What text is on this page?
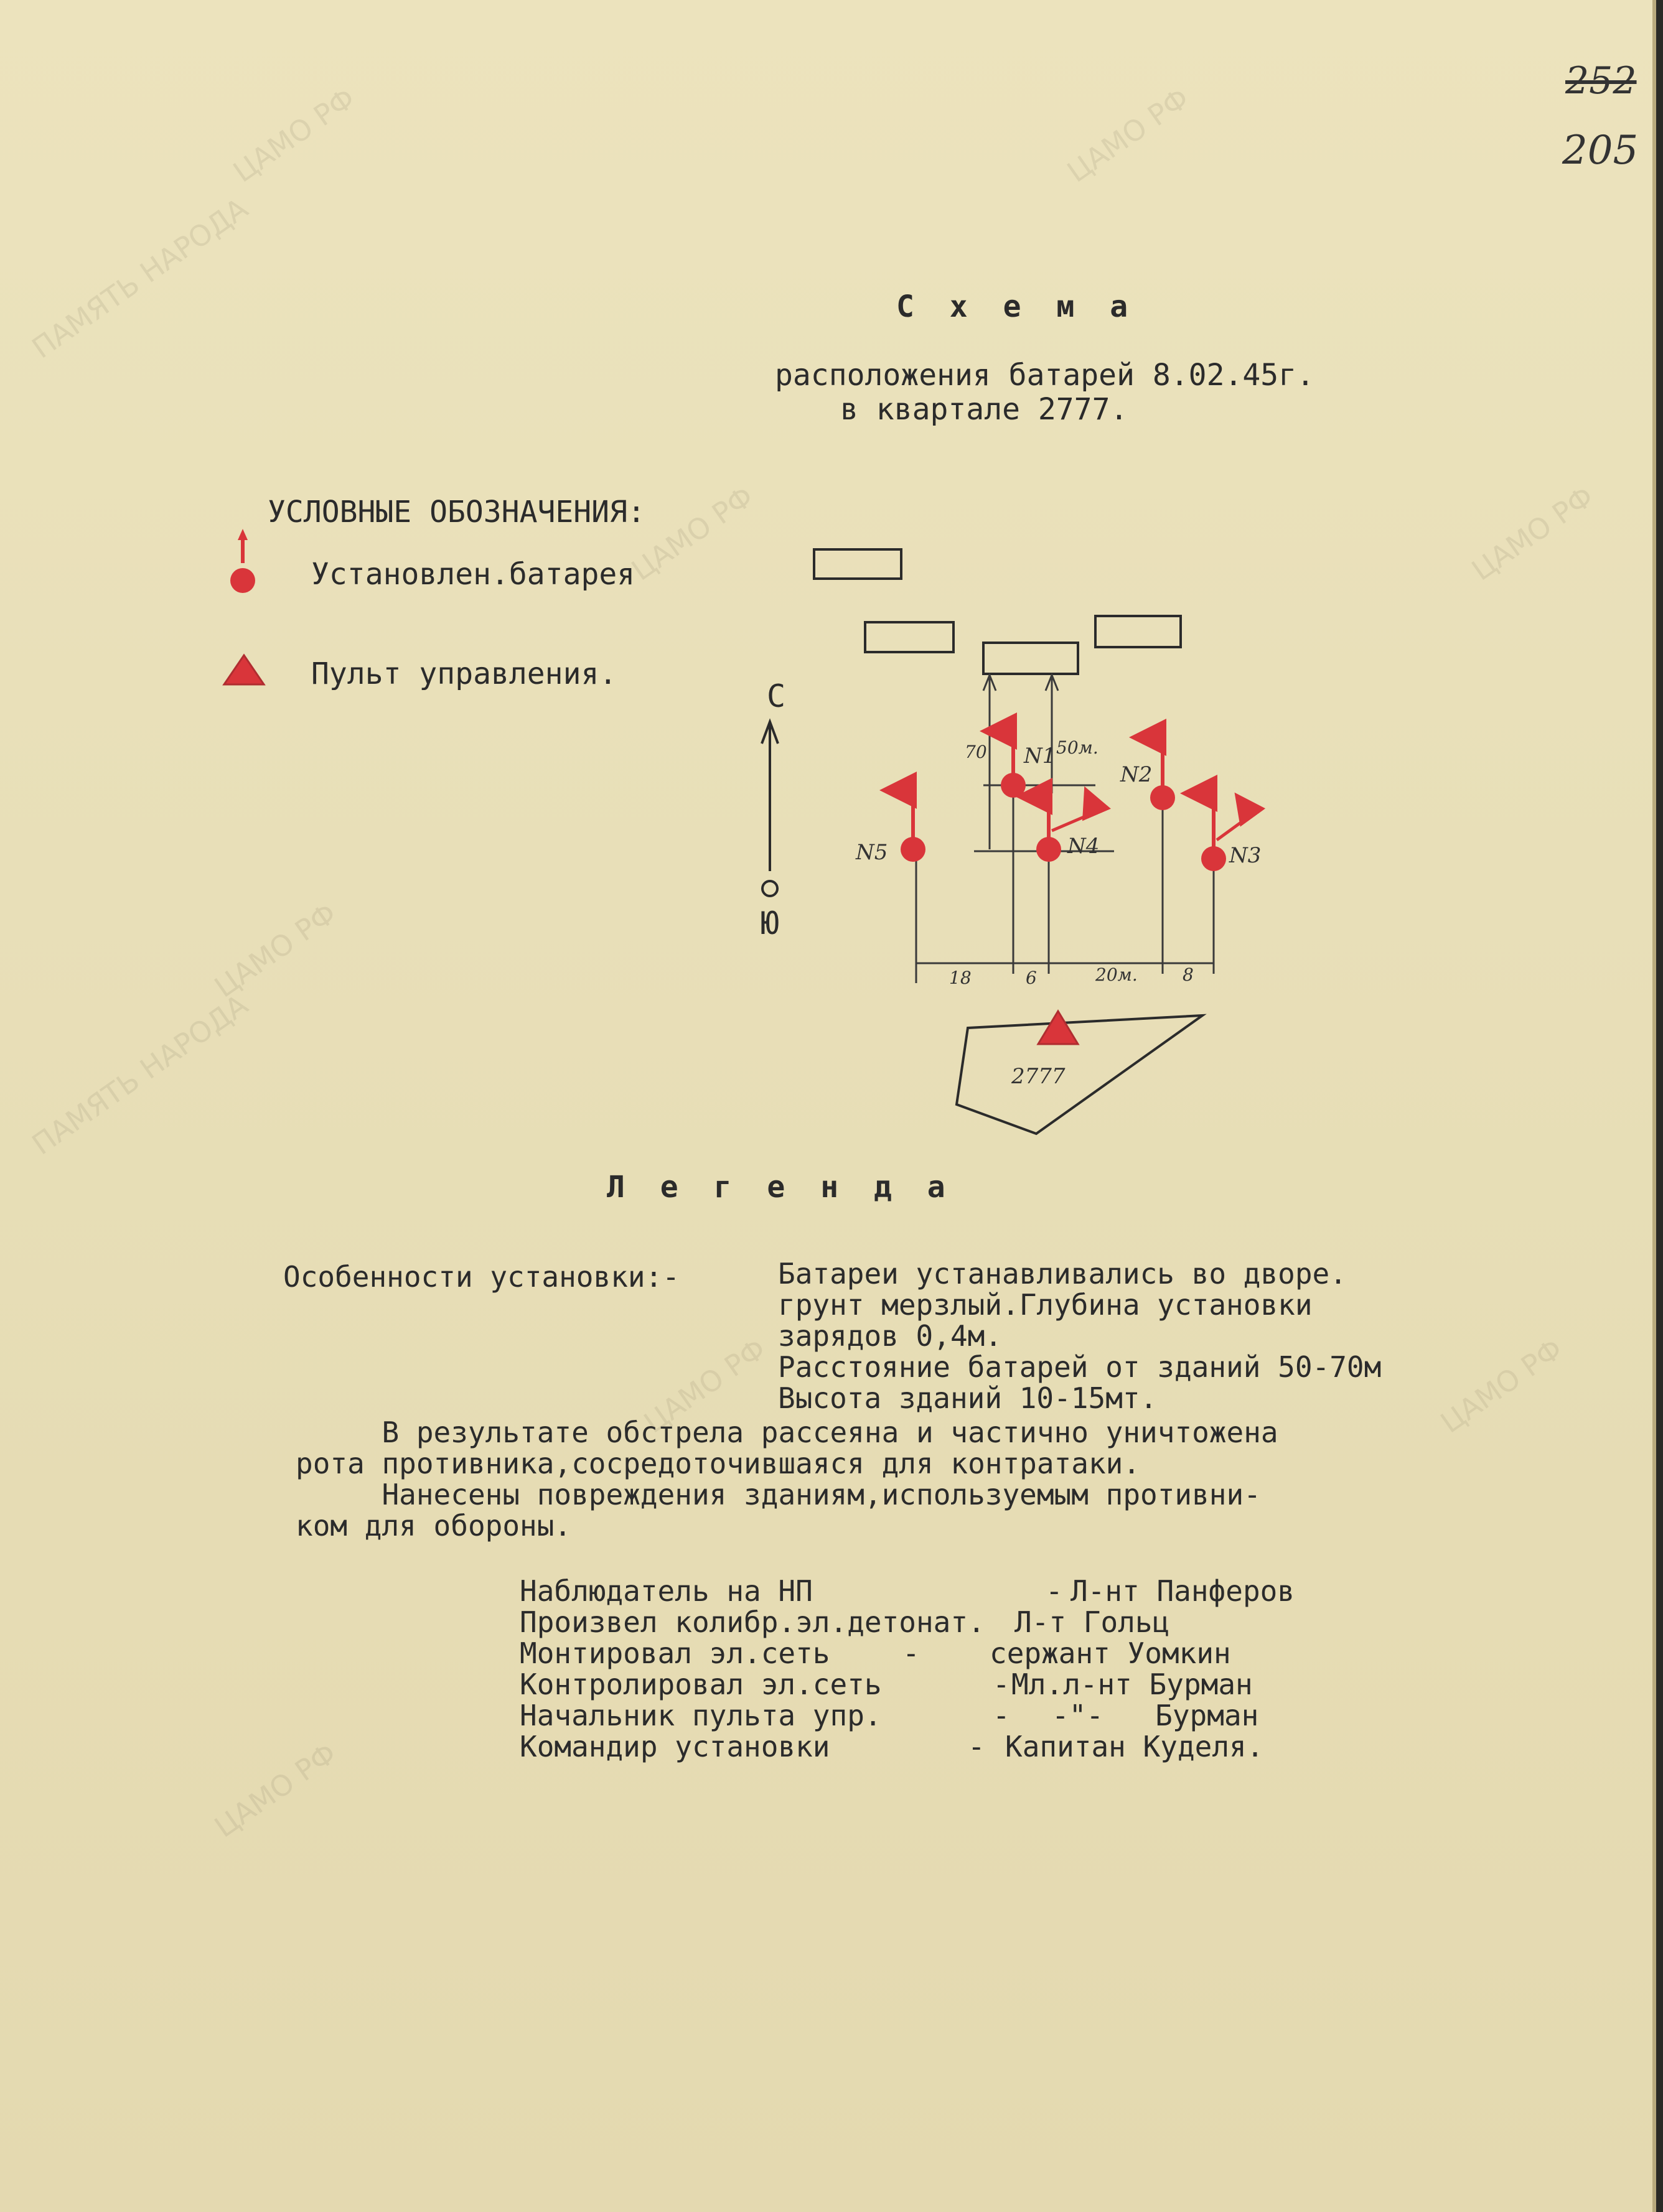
ЦАМО РФ	ЦАМО РФ
ПАМЯТЬ НАРОДА
ЦАМО РФ	ЦАМО РФ
ПАМЯТЬ НАРОДА
ЦАМО РФ
ЦАМО РФ	ЦАМО РФ
ЦАМО РФ
252
205
С х е м а
расположения батарей 8.02.45г.
в квартале 2777.
УСЛОВНЫЕ ОБОЗНАЧЕНИЯ:
Установлен.батарея
Пульт управления.
С
Ю
N1
N2
N3
N4
N5
70	50м.
18	6	20м.	8
2777
Л е г е н д а
Особенности установки:-	Батареи устанавливались во дворе.
грунт мерзлый.Глубина установки
зарядов 0,4м.
Расстояние батарей от зданий 50-70м
Высота зданий 10-15мт.
В результате обстрела рассеяна и частично уничтожена
рота противника,сосредоточившаяся для контратаки.
Нанесены повреждения зданиям,используемым противни-
ком для обороны.
Наблюдатель на НП	- Л-нт Панферов
Произвел колибр.эл.детонат. Л-т Гольц
Монтировал эл.сеть	- сержант Уомкин
Контролировал эл.сеть	- Мл.л-нт Бурман
Начальник пульта упр.	- -"-   Бурман
Командир установки	- Капитан Куделя.
